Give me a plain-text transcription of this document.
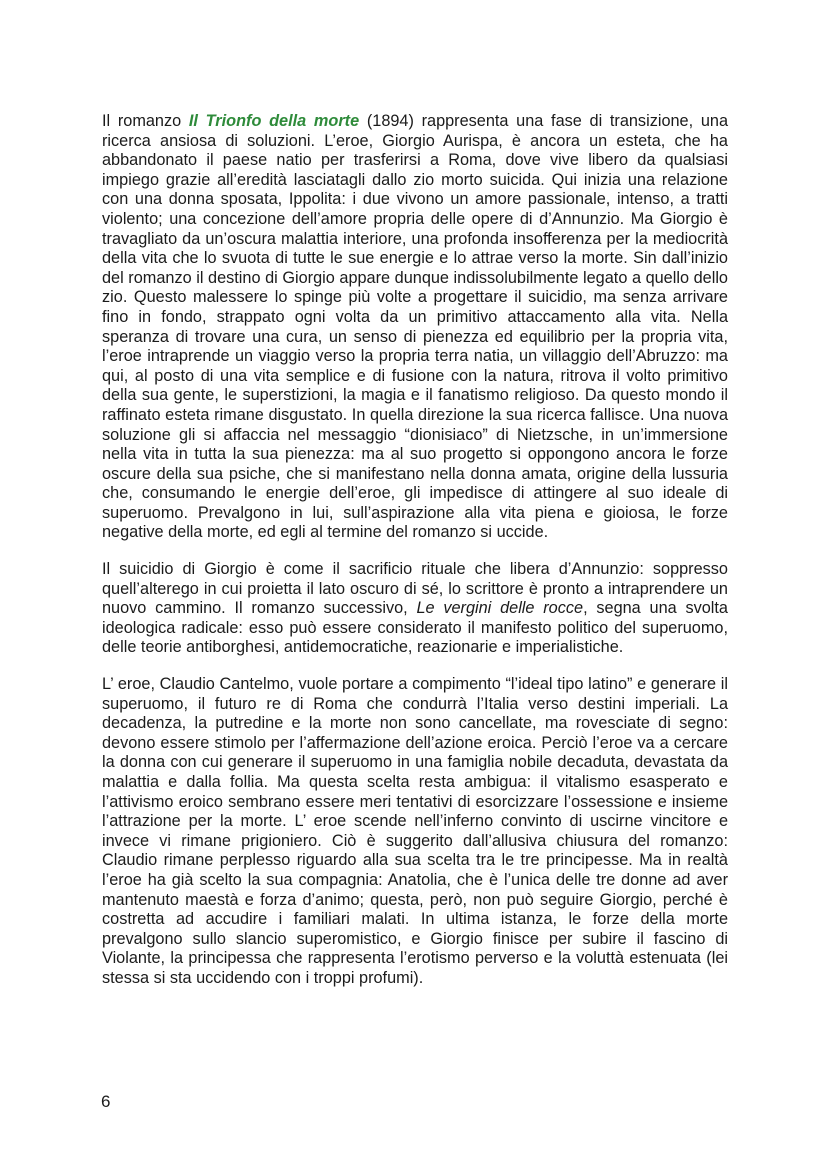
Il romanzo Il Trionfo della morte (1894) rappresenta una fase di transizione, una ricerca ansiosa di soluzioni. L’eroe, Giorgio Aurispa, è ancora un esteta, che ha abbandonato il paese natio per trasferirsi a Roma, dove vive libero da qualsiasi impiego grazie all’eredità lasciatagli dallo zio morto suicida. Qui inizia una relazione con una donna sposata, Ippolita: i due vivono un amore passionale, intenso, a tratti violento; una concezione dell’amore propria delle opere di d’Annunzio. Ma Giorgio è travagliato da un’oscura malattia interiore, una profonda insofferenza per la mediocrità della vita che lo svuota di tutte le sue energie e lo attrae verso la morte. Sin dall’inizio del romanzo il destino di Giorgio appare dunque indissolubilmente legato a quello dello zio. Questo malessere lo spinge più volte a progettare il suicidio, ma senza arrivare fino in fondo, strappato ogni volta da un primitivo attaccamento alla vita. Nella speranza di trovare una cura, un senso di pienezza ed equilibrio per la propria vita, l’eroe intraprende un viaggio verso la propria terra natia, un villaggio dell’Abruzzo: ma qui, al posto di una vita semplice e di fusione con la natura, ritrova il volto primitivo della sua gente, le superstizioni, la magia e il fanatismo religioso. Da questo mondo il raffinato esteta rimane disgustato. In quella direzione la sua ricerca fallisce. Una nuova soluzione gli si affaccia nel messaggio “dionisiaco” di Nietzsche, in un’immersione nella vita in tutta la sua pienezza: ma al suo progetto si oppongono ancora le forze oscure della sua psiche, che si manifestano nella donna amata, origine della lussuria che, consumando le energie dell’eroe, gli impedisce di attingere al suo ideale di superuomo. Prevalgono in lui, sull’aspirazione alla vita piena e gioiosa, le forze negative della morte, ed egli al termine del romanzo si uccide.

Il suicidio di Giorgio è come il sacrificio rituale che libera d’Annunzio: soppresso quell’alterego in cui proietta il lato oscuro di sé, lo scrittore è pronto a intraprendere un nuovo cammino. Il romanzo successivo, Le vergini delle rocce, segna una svolta ideologica radicale: esso può essere considerato il manifesto politico del superuomo, delle teorie antiborghesi, antidemocratiche, reazionarie e imperialistiche.

L’ eroe, Claudio Cantelmo, vuole portare a compimento “l’ideal tipo latino” e generare il superuomo, il futuro re di Roma che condurrà l’Italia verso destini imperiali. La decadenza, la putredine e la morte non sono cancellate, ma rovesciate di segno: devono essere stimolo per l’affermazione dell’azione eroica. Perciò l’eroe va a cercare la donna con cui generare il superuomo in una famiglia nobile decaduta, devastata da malattia e dalla follia. Ma questa scelta resta ambigua: il vitalismo esasperato e l’attivismo eroico sembrano essere meri tentativi di esorcizzare l’ossessione e insieme l’attrazione per la morte. L’ eroe scende nell’inferno convinto di uscirne vincitore e invece vi rimane prigioniero. Ciò è suggerito dall’allusiva chiusura del romanzo: Claudio rimane perplesso riguardo alla sua scelta tra le tre principesse. Ma in realtà l’eroe ha già scelto la sua compagnia: Anatolia, che è l’unica delle tre donne ad aver mantenuto maestà e forza d’animo; questa, però, non può seguire Giorgio, perché è costretta ad accudire i familiari malati. In ultima istanza, le forze della morte prevalgono sullo slancio superomistico, e Giorgio finisce per subire il fascino di Violante, la principessa che rappresenta l’erotismo perverso e la voluttà estenuata (lei stessa si sta uccidendo con i troppi profumi).

6
